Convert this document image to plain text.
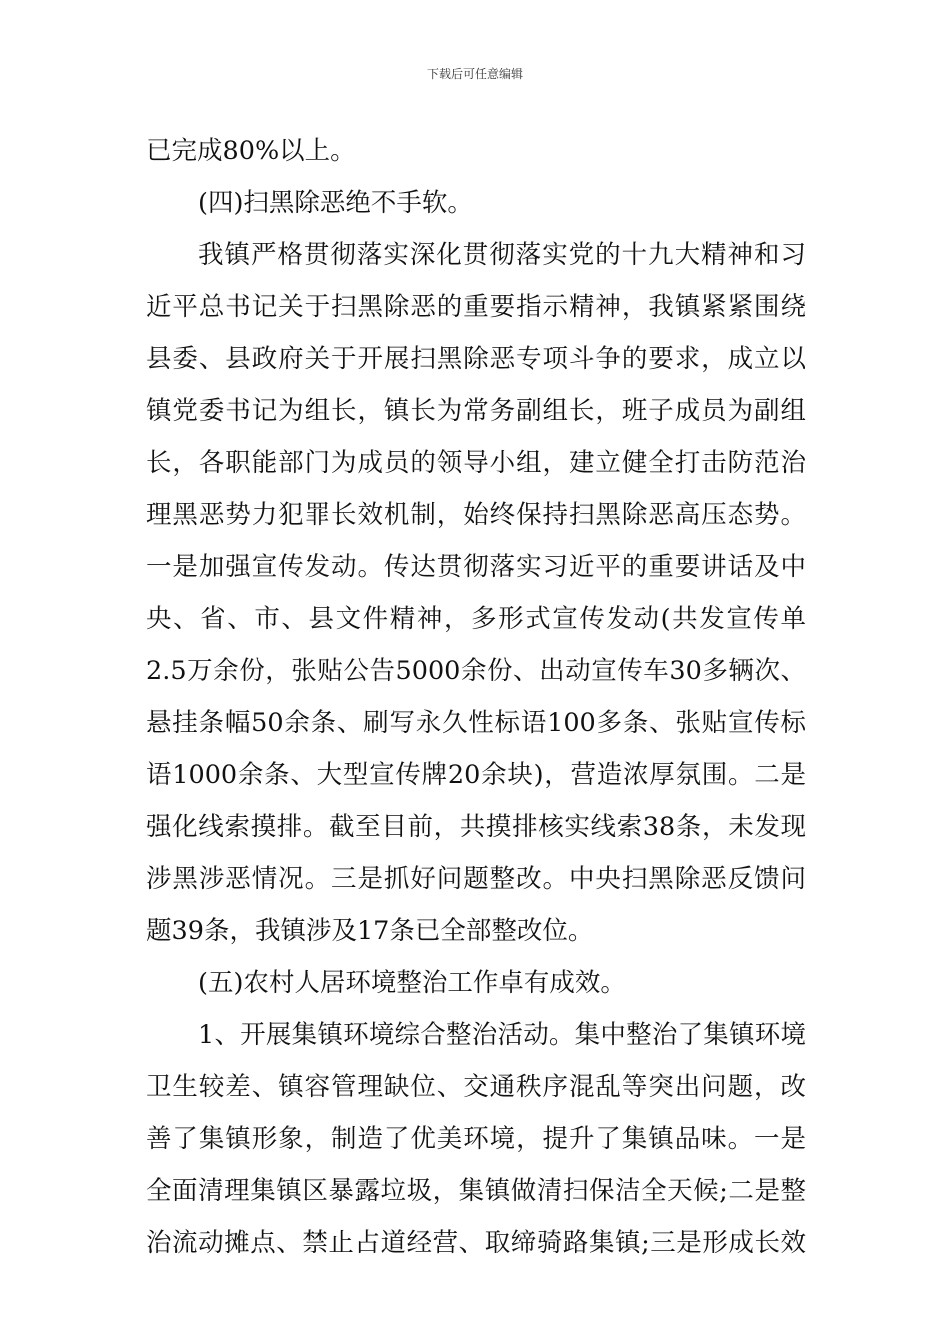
下载后可任意编辑
已完成80%以上。
(四)扫黑除恶绝不手软。
我镇严格贯彻落实深化贯彻落实党的十九大精神和习
近平总书记关于扫黑除恶的重要指示精神，我镇紧紧围绕
县委、县政府关于开展扫黑除恶专项斗争的要求，成立以
镇党委书记为组长，镇长为常务副组长，班子成员为副组
长，各职能部门为成员的领导小组，建立健全打击防范治
理黑恶势力犯罪长效机制，始终保持扫黑除恶高压态势。
一是加强宣传发动。传达贯彻落实习近平的重要讲话及中
央、省、市、县文件精神，多形式宣传发动(共发宣传单
2.5万余份，张贴公告5000余份、出动宣传车30多辆次、
悬挂条幅50余条、刷写永久性标语100多条、张贴宣传标
语1000余条、大型宣传牌20余块)，营造浓厚氛围。二是
强化线索摸排。截至目前，共摸排核实线索38条，未发现
涉黑涉恶情况。三是抓好问题整改。中央扫黑除恶反馈问
题39条，我镇涉及17条已全部整改位。
(五)农村人居环境整治工作卓有成效。
1、开展集镇环境综合整治活动。集中整治了集镇环境
卫生较差、镇容管理缺位、交通秩序混乱等突出问题，改
善了集镇形象，制造了优美环境，提升了集镇品味。一是
全面清理集镇区暴露垃圾，集镇做清扫保洁全天候;二是整
治流动摊点、禁止占道经营、取缔骑路集镇;三是形成长效
